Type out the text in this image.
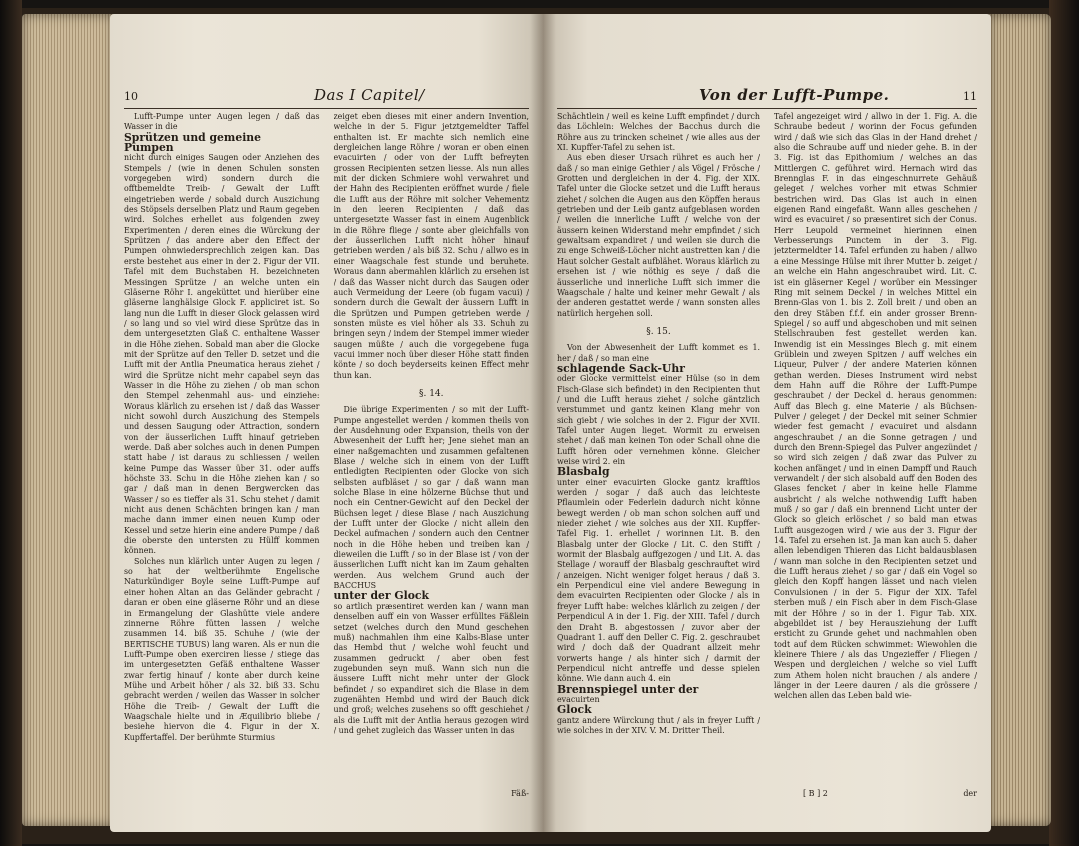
10	Das I Capitel/

Lufft-Pumpe unter Augen legen / daß das Wasser in die

Sprützen und gemeine

Pumpen

nicht durch einiges Saugen oder Anziehen des Stempels / (wie in denen Schulen sonsten vorgegeben wird) sondern durch die offtbemeldte Treib- / Gewalt der Lufft eingetrieben werde / sobald durch Auszichung des Stöpsels derselben Platz und Raum gegeben wird. Solches erhellet aus folgenden zwey Experimenten / deren eines die Würckung der Sprützen / das andere aber den Effect der Pumpen ohnwiedersprechlich zeigen kan. Das erste bestehet aus einer in der 2. Figur der VII. Tafel mit dem Buchstaben H. bezeichneten Messingen Sprütze / an welche unten ein Gläserne Röhr I. angeküttet und hierüber eine gläserne langhälsige Glock F. appliciret ist. So lang nun die Lufft in dieser Glock gelassen wird / so lang und so viel wird diese Sprütze das in dem untergesetzten Glaß C. enthaltene Wasser in die Höhe ziehen. Sobald man aber die Glocke mit der Sprütze auf den Teller D. setzet und die Lufft mit der Antlia Pneumatica heraus ziehet / wird die Sprütze nicht mehr capabel seyn das Wasser in die Höhe zu ziehen / ob man schon den Stempel zehenmahl aus- und einziehe: Woraus klärlich zu ersehen ist / daß das Wasser nicht sowohl durch Auszichung des Stempels und dessen Saugung oder Attraction, sondern von der äusserlichen Lufft hinauf getrieben werde. Daß aber solches auch in denen Pumpen statt habe / ist daraus zu schliessen / weilen keine Pumpe das Wasser über 31. oder auffs höchste 33. Schu in die Höhe ziehen kan / so gar / daß man in denen Bergwercken das Wasser / so es tieffer als 31. Schu stehet / damit nicht aus denen Schächten bringen kan / man mache dann immer einen neuen Kump oder Kessel und setze hierin eine andere Pumpe / daß die oberste den untersten zu Hülff kommen können.

Solches nun klärlich unter Augen zu legen / so hat der weltberühmte Engelische Naturkündiger Boyle seine Lufft-Pumpe auf einer hohen Altan an das Geländer gebracht / daran er oben eine gläserne Röhr und an diese in Ermangelung der Glashütte viele andere zinnerne Röhre fütten lassen / welche zusammen 14. biß 35. Schuhe / (wie der BERTISCHE TUBUS) lang waren. Als er nun die Lufft-Pumpe oben exerciren liesse / stiege das im untergesetzten Gefäß enthaltene Wasser zwar fertig hinauf / konte aber durch keine Mühe und Arbeit höher / als 32. biß 33. Schu gebracht werden / weilen das Wasser in solcher Höhe die Treib- / Gewalt der Lufft die Waagschale hielte und in Æquilibrio bliebe / besiehe hiervon die 4. Figur in der X. Kupffertaffel. Der berühmte Sturmius

zeiget eben dieses mit einer andern Invention, welche in der 5. Figur jetztgemeldter Taffel enthalten ist. Er machte sich nemlich eine dergleichen lange Röhre / woran er oben einen evacuirten / oder von der Lufft befreyten grossen Recipienten setzen liesse. Als nun alles mit der dicken Schmiere wohl verwahret und der Hahn des Recipienten eröffnet wurde / fiele die Lufft aus der Röhre mit solcher Vehementz in den leeren Recipienten / daß das untergesetzte Wasser fast in einem Augenblick in die Röhre fliege / sonte aber gleichfalls von der äusserlichen Lufft nicht höher hinauf getrieben werden / als biß 32. Schu / allwo es in einer Waagschale fest stunde und beruhete. Woraus dann abermahlen klärlich zu ersehen ist / daß das Wasser nicht durch das Saugen oder auch Vermeidung der Leere (ob fugam vacui) / sondern durch die Gewalt der äussern Lufft in die Sprützen und Pumpen getrieben werde / sonsten müste es viel höher als 33. Schuh zu bringen seyn / indem der Stempel immer wieder saugen müßte / auch die vorgegebene fuga vacui immer noch über dieser Höhe statt finden könte / so doch beyderseits keinen Effect mehr thun kan.

§. 14.

Die übrige Experimenten / so mit der Lufft-Pumpe angestellet werden / kommen theils von der Ausdehnung oder Expansion, theils von der Abwesenheit der Lufft her; Jene siehet man an einer naßgemachten und zusammen gefaltenen Blase / welche sich in einem von der Lufft entledigten Recipienten oder Glocke von sich selbsten aufbläset / so gar / daß wann man solche Blase in eine hölzerne Büchse thut und noch ein Centner-Gewicht auf den Deckel der Büchsen leget / diese Blase / nach Auszichung der Lufft unter der Glocke / nicht allein den Deckel aufmachen / sondern auch den Centner noch in die Höhe heben und treiben kan / dieweilen die Lufft / so in der Blase ist / von der äusserlichen Lufft nicht kan im Zaum gehalten werden. Aus welchem Grund auch der BACCHUS

unter der Glock

so artlich præsentiret werden kan / wann man denselben auff ein von Wasser erfülltes Fäßlein setzet (welches durch den Mund geschehen muß) nachmahlen ihm eine Kalbs-Blase unter das Hembd thut / welche wohl feucht und zusammen gedruckt / aber oben fest zugebunden seyn muß. Wann sich nun die äussere Lufft nicht mehr unter der Glock befindet / so expandiret sich die Blase in dem zugenähten Hembd und wird der Bauch dick und groß; welches zusehens so offt geschiehet / als die Lufft mit der Antlia heraus gezogen wird / und gehet zugleich das Wasser unten in das

Fäß-
Von der Lufft-Pumpe.	11

Schächtlein / weil es keine Lufft empfindet / durch das Löchlein: Welches der Bacchus durch die Röhre aus zu trincken scheinet / wie alles aus der XI. Kupffer-Tafel zu sehen ist.

Aus eben dieser Ursach rühret es auch her / daß / so man einige Gethier / als Vögel / Frösche / Grotten und dergleichen in der 4. Fig. der XIX. Tafel unter die Glocke setzet und die Lufft heraus ziehet / solchen die Augen aus den Köpffen heraus getrieben und der Leib gantz aufgeblasen worden / weilen die innerliche Lufft / welche von der äussern keinen Widerstand mehr empfindet / sich gewaltsam expandiret / und weilen sie durch die zu enge Schweiß-Löcher nicht austretten kan / die Haut solcher Gestalt aufblähet. Woraus klärlich zu ersehen ist / wie nöthig es seye / daß die äusserliche und innerliche Lufft sich immer die Waagschale / halte und keiner mehr Gewalt / als der anderen gestattet werde / wann sonsten alles natürlich hergehen soll.

§. 15.

Von der Abwesenheit der Lufft kommet es 1. her / daß / so man eine

schlagende Sack-Uhr

oder Glocke vermittelst einer Hülse (so in dem Fisch-Glase sich befindet) in den Recipienten thut / und die Lufft heraus ziehet / solche gäntzlich verstummet und gantz keinen Klang mehr von sich giebt / wie solches in der 2. Figur der XVII. Tafel unter Augen lieget. Wormit zu erweisen stehet / daß man keinen Ton oder Schall ohne die Lufft hören oder vernehmen könne. Gleicher weise wird 2. ein

Blasbalg

unter einer evacuirten Glocke gantz krafftlos werden / sogar / daß auch das leichteste Pflaumlein oder Federlein dadurch nicht könne bewegt werden / ob man schon solchen auff und nieder ziehet / wie solches aus der XII. Kupffer-Tafel Fig. 1. erhellet / worinnen Lit. B. den Blasbalg unter der Glocke / Lit. C. den Stifft / wormit der Blasbalg auffgezogen / und Lit. A. das Stellage / worauff der Blasbalg geschrauftet wird / anzeigen. Nicht weniger folget heraus / daß 3. ein Perpendicul eine viel andere Bewegung in dem evacuirten Recipienten oder Glocke / als in freyer Lufft habe: welches klärlich zu zeigen / der Perpendicul A in der 1. Fig. der XIII. Tafel / durch den Draht B. abgestossen / zuvor aber der Quadrant 1. auff den Deller C. Fig. 2. geschraubet wird / doch daß der Quadrant allzeit mehr vorwerts hange / als hinter sich / darmit der Perpendicul nicht antreffe und desse spielen könne. Wie dann auch 4. ein

Brennspiegel unter der

evacuirten

Glock

gantz andere Würckung thut / als in freyer Lufft / wie solches in der XIV. V. M. Dritter Theil.

Tafel angezeiget wird / allwo in der 1. Fig. A. die Schraube bedeut / worinn der Focus gefunden wird / daß wie sich das Glas in der Hand drehet / also die Schraube auff und nieder gehe. B. in der 3. Fig. ist das Epithomium / welches an das Mittlergen C. geführet wird. Hernach wird das Brennglas F. in das eingeschnurrete Gehäuß geleget / welches vorher mit etwas Schmier bestrichen wird. Das Glas ist auch in einen eigenen Rand eingefaßt. Wann alles geschehen / wird es evacuiret / so præsentiret sich der Conus. Herr Leupold vermeinet hierinnen einen Verbesserungs Punctem in der 3. Fig. jetztermeldter 14. Tafel erfunden zu haben / allwo a eine Messinge Hülse mit ihrer Mutter b. zeiget / an welche ein Hahn angeschraubet wird. Lit. C. ist ein gläserner Kegel / worüber ein Messinger Ring mit seinem Deckel / in welches Mittel ein Brenn-Glas von 1. bis 2. Zoll breit / und oben an den drey Stäben f.f.f. ein ander grosser Brenn-Spiegel / so auff und abgeschoben und mit seinen Stellschrauben fest gestellet werden kan. Inwendig ist ein Messinges Blech g. mit einem Grüblein und zweyen Spitzen / auff welches ein Liqueur, Pulver / der andere Materien können gethan werden. Dieses Instrument wird nebst dem Hahn auff die Röhre der Lufft-Pumpe geschraubet / der Deckel d. heraus genommen: Auff das Blech g. eine Materie / als Büchsen-Pulver / geleget / der Deckel mit seiner Schmier wieder fest gemacht / evacuiret und alsdann angeschraubet / an die Sonne getragen / und durch den Brenn-Spiegel das Pulver angezündet / so wird sich zeigen / daß zwar das Pulver zu kochen anfänget / und in einen Dampff und Rauch verwandelt / der sich alsobald auff den Boden des Glases fencket / aber in keine helle Flamme ausbricht / als welche nothwendig Lufft haben muß / so gar / daß ein brennend Licht unter der Glock so gleich erlöschet / so bald man etwas Lufft ausgezogen wird / wie aus der 3. Figur der 14. Tafel zu ersehen ist. Ja man kan auch 5. daher allen lebendigen Thieren das Licht baldausblasen / wann man solche in den Recipienten setzet und die Lufft heraus ziehet / so gar / daß ein Vogel so gleich den Kopff hangen lässet und nach vielen Convulsionen / in der 5. Figur der XIX. Tafel sterben muß / ein Fisch aber in dem Fisch-Glase mit der Höhre / so in der 1. Figur Tab. XIX. abgebildet ist / bey Herausziehung der Lufft ersticht zu Grunde gehet und nachmahlen oben todt auf dem Rücken schwimmet: Wiewohlen die kleinere Thiere / als das Ungezieffer / Fliegen / Wespen und dergleichen / welche so viel Lufft zum Athem holen nicht brauchen / als andere / länger in der Leere dauren / als die grössere / welchen allen das Leben bald wie-

[ B ] 2	der
